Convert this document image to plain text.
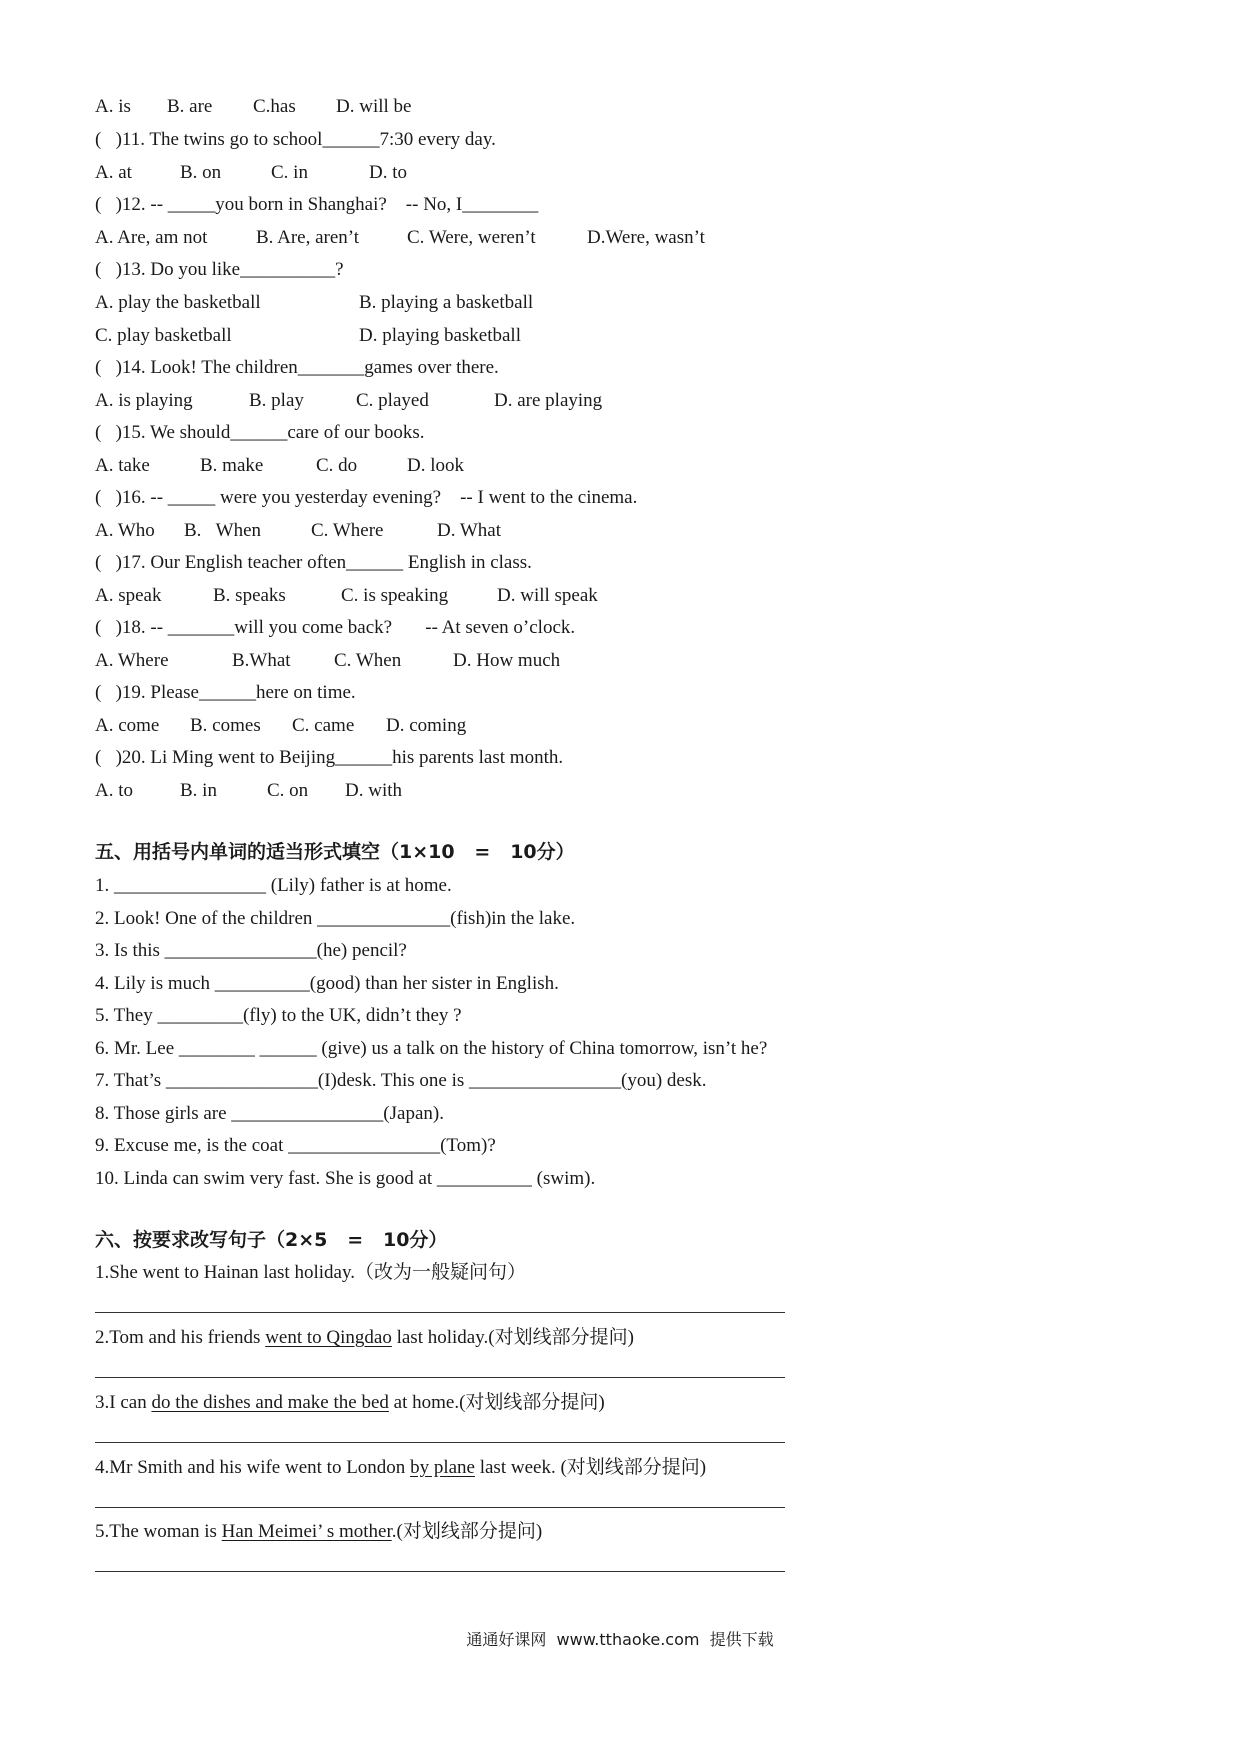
A. is B. are C.has D. will be
(   )11. The twins go to school______7:30 every day.
A. at	B. on	C. in	D. to
(   )12. -- _____you born in Shanghai?    -- No, I________
A. Are, am not	B. Are, aren’t	C. Were, weren’t	D.Were, wasn’t
(   )13. Do you like__________?
A. play the basketball	B. playing a basketball
C. play basketball	D. playing basketball
(   )14. Look! The children_______games over there.
A. is playing	B. play	C. played	D. are playing
(   )15. We should______care of our books.
A. take	B. make	C. do	D. look
(   )16. -- _____ were you yesterday evening?    -- I went to the cinema.
A. Who B.   When	C. Where	D. What
(   )17. Our English teacher often______ English in class.
A. speak	B. speaks	C. is speaking	D. will speak
(   )18. -- _______will you come back?       -- At seven o’clock.
A. Where	B.What C. When	D. How much
(   )19. Please______here on time.
A. come B. comes C. came D. coming
(   )20. Li Ming went to Beijing______his parents last month.
A. to B. in	C. on D. with
五、用括号内单词的适当形式填空（1×10   =   10分）
1. ________________ (Lily) father is at home.
2. Look! One of the children ______________(fish)in the lake.
3. Is this ________________(he) pencil?
4. Lily is much __________(good) than her sister in English.
5. They _________(fly) to the UK, didn’t they ?
6. Mr. Lee ________ ______ (give) us a talk on the history of China tomorrow, isn’t he?
7. That’s ________________(I)desk. This one is ________________(you) desk.
8. Those girls are ________________(Japan).
9. Excuse me, is the coat ________________(Tom)?
10. Linda can swim very fast. She is good at __________ (swim).
六、按要求改写句子（2×5   =   10分）
1.She went to Hainan last holiday.（改为一般疑问句）
2.Tom and his friends went to Qingdao last holiday.(对划线部分提问)
3.I can do the dishes and make the bed at home.(对划线部分提问)
4.Mr Smith and his wife went to London by plane last week. (对划线部分提问)
5.The woman is Han Meimei’ s mother.(对划线部分提问)
通通好课网  www.tthaoke.com  提供下载
